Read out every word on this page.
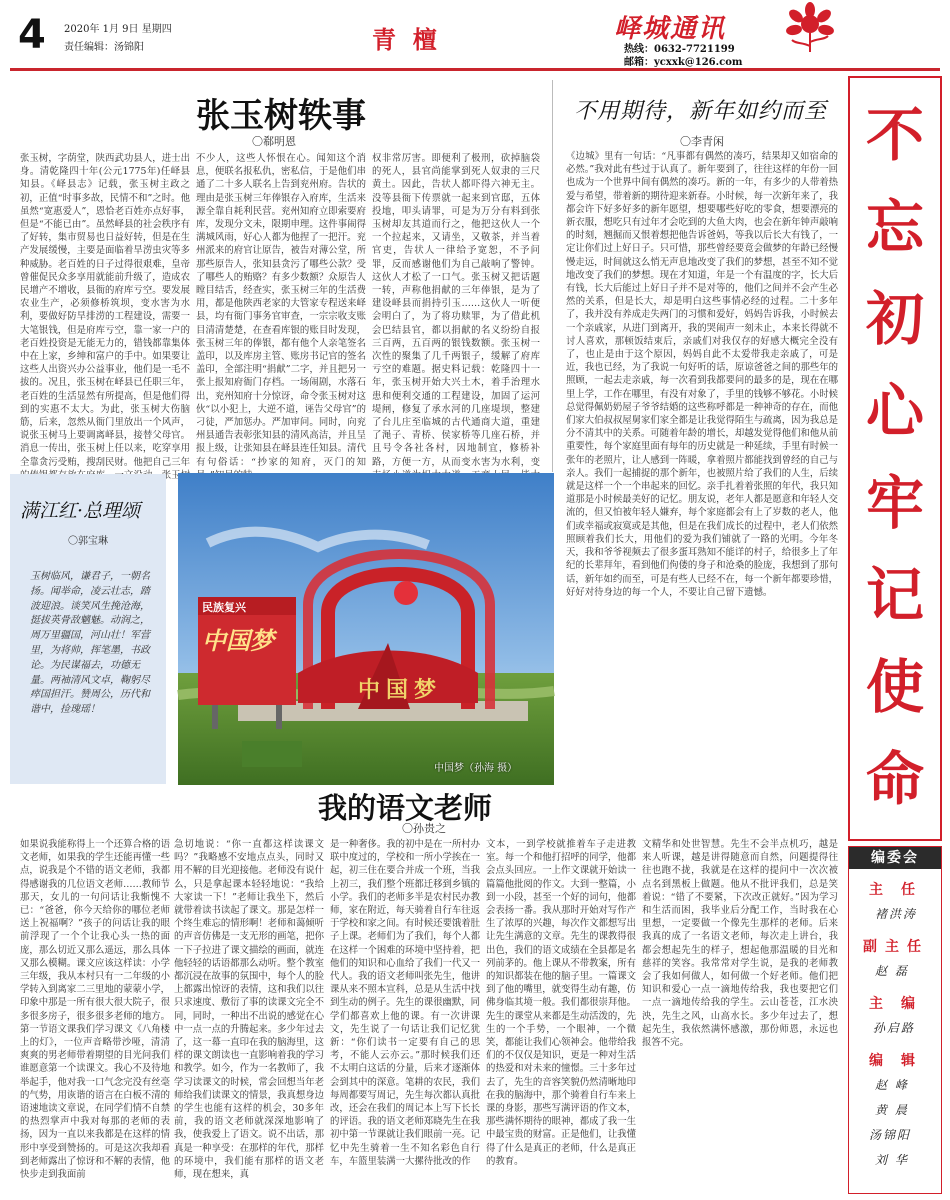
4 2020年 1月 9日 星期四
责任编辑：汤锦阳	青  檀	峄城通讯
热线：0632-7721199
邮箱：ycxxk@126.com
不
忘
初
心
牢
记
使
命
编委会
主任
褚洪涛
副主任
赵 磊
主编
孙启路
编辑
赵 峰
黄 晨
汤锦阳
刘 华
张玉树轶事
〇郗明恩
张玉树，字荫堂，陕西武功县人，进士出身。清乾隆四十年(公元1775年)任峄县知县。《峄县志》记载，张玉树主政之初，正值“时事多故，民情不和”之时。他虽然“宽惠爱人”，恩恰老百姓亦点好事，但是“不能已由”。虽然峄县的社会秩序有了好转，集市贸易也日益好转，但是在生产发展缓慢，主要是面临着旱涝虫灾等多种威胁。老百姓的日子过得很艰难，皇帝曾催促民众多享用就能前升级了，造成农民增产不增收，县衙的府库亏空。要发展农业生产，必须修桥筑坝，变水害为水利，要做好防旱排涝的工程建设，需要一大笔银钱，但是府库亏空，靠一家一户的老百姓投资是无能无力的，错钱都靠集体中在上家，乡绅和富户的手中。如果要让这些人出资兴办公益事业，他们是一毛不拔的。况且，张玉树在峄县已任职三年，老百姓的生活显然有所提高，但是他们得到的实惠不太大。为此，张玉树大伤脑筋，后来，忽然从衙门里放出一个风声，说张玉树马上要调离峄县，接替父母官。消息一传出，张玉树上任以来，吃穿享用全靠贪污受贿，搜刮民财。他把自己三年 。张玉树
不少人，这些人怀恨在心。闻知这个消息，便联名报私仇，密私信，于是他们串通了二十多人联名上告到兖州府。告状的理由是张玉树三年俸银存入府库，生活来源全靠自耗利民营。兖州知府立即索要府库，发现分文未，限期申理。这件事闹得满城风雨，好心人都为他捏了一把汗。兖州派来的府官让原告，被告对薄公堂，所那些原告人，张知县贪污了哪些公款？受了哪些人的贿赂？有多少数额？众原告人瞠目结舌，经查实，张玉树三年的生活费用，都是他陕西老家的大管家专程送来峄县，均有衙门事务官审查，一宗宗收支账目清清楚楚，在查看库银的账目时发现，张玉树三年的俸银，都有他个人亲笔签名盖印，以及库房主管、账房书记官的签名盖印，全部注明“捐献”二字，并且把另一张上报知府衙门存档。一场闹剧，水落石出，兖州知府十分惊讶，命令张玉树对这伙“以小犯上，大逆不道，诬告父母官”的刁徒，严加惩办。严加审问。同时，向兖州县通告表彰张知县的清风高洁，并且呈报上级，让张知县在峄县连任知县。清代有句俗话：“抄家的知府，灭门的知
权非常厉害。即便利了极刑，砍掉脑袋的死人，县官尚能掌到死人奴隶的三尺黄土。因此，告状人都吓得六神无主。没等县衙下传票就一起来到官邸，五体投地，叩头请罪，可是为万分有料到张玉树却友其道而行之，他把这伙人一个一个拉起来，又请坐，又敬茶，并当着官吏，告状人一律给予宽恕，不予问罪，反而感谢他们为自己敲响了警钟。这伙人才松了一口气。张玉树又把话题一转，声称他捐献的三年俸银，是为了建设峄县而捐持引玉……这伙人一听便会明白了，为了将功赎罪，为了借此机会巴结县官，都以捐献的名义纷纷自报三百两，五百两的银钱数额。张玉树一次性的聚集了几千两银子，缓解了府库亏空的难题。据史料记载：乾隆四十一年，张玉树开始大兴土木，着手治理水患和便利交通的工程建设，加固了运河堤闸，修复了承水河的几座堤坝，整建了台儿庄至临城的古代通商大道，重建了渑子、青桥、侯家桥等几座石桥，并且号令各社各村，因地制宜，修桥补路，方便一方，从而变水害为水利，变
不用期待，新年如约而至
〇李青闲
《边城》里有一句话：“凡事都有偶然的凑巧，结果却又如宿命的必然。”我对此有些过于认真了。新年要到了，往往这样的年份一回也成为一个世界中间有偶然的凑巧。新的一年，有多少的人带着热爱与希望，带着新的期待迎来新春。小时候，每一次新年来了，我都会许下好多好多的新年愿望，想要哪些好吃的零食，想要漂亮的新衣服，想吃只有过年才会吃到的大鱼大肉，也会在新年钟声敲响的时刻，翘掘而又恨着想把他告诉爸妈，等我以后长大有钱了，一定让你们过上好日子。只可惜，那些曾经要竟会做梦的年龄已经慢慢走远，时间就这么悄无声息地改变了我们的梦想，甚至不知不觉地改变了我们的梦想。现在才知道，年是一个有温度的字，长大后有钱，长大后能过上好日子并不是对等的，他们之间并不会产生必然的关系，但是长大，却是明白这些事情必经的过程。二十多年了，我并没有养成走失两门的习惯和爱好，妈妈告诉我，小时候去一个亲戚家，从进门到离开，我的哭闹声一刻未止，本来长得就不讨人喜欢，那顿饭结束后，亲戚们对我仅存的好感大概完全没有了，也止是由于这个原因，妈妈自此不太爱带我走亲戚了，可是近，我也已经，为了我说一句好听的话，原谅爸爸之间的那些年的照顾，一起去走亲戚，每一次看到我都要问的最多的是，现在在哪里上学，工作在哪里，有没有对象了，手里的钱够不够花。小时候总觉得佩奶奶屋子爷爷结婚的这些称呼都是一种神奇的存在，而他们家大伯叔叔屋舅家们家全都是让我觉得陌生与疏离，因为我总是分不清其中的关系。可随着年龄的增长，却越发觉得他们和他从前重要性，每个家庭里面有每年的历史就是一种延续，手里有时候一张年的老照片，让人感到一阵暖，拿着照片都能找到曾经的自己与亲人。我们一起捕捉的那个新年，也被照片给了我们的人生，后续就是这样一个一个串起来的回忆。亲手扎着着张照的年代，我只知道那是小时候最美好的记忆。朋友说，老年人都是愿意和年轻人交流的，但又怕被年轻人嫌弃，每个家庭都会有上了岁数的老人，他们或幸福或寂寞或是其他，但是在我们成长的过程中，老人们依然照顾着我们长大，用他们的爱为我们铺就了一路的光明。今年冬天，我和爷爷视频去了很多蛋耳熟知不能详的村子，给很多上了年纪的长辈拜年，看到他们佝偻的身子和沧桑的脸庞，我想到了那句话，新年如约而至，可是有些人已经不在，每一个新年都要珍惜，好好对待身边的每一个人，不要让自己留下遗憾。
满江红·总理颂
〇郭宝琳
玉树临风，谦君子，一朝名扬。闻举命，凌云壮志，踏波迎浪。谈笑风生挽沧海，挺拔英骨敌魑魅。动润之，周万里疆国，河山壮！军营里，为将帅，挥笔墨，书政论。为民谋福去，功德无量。两袖清风文卓，鞠躬尽瘁国担汗。赞周公，历代和谐中，捡瑰瑶！
民族复兴
中国梦
中国梦
中国梦（孙海 摄）
我的语文老师
〇孙贵之
如果说我能称得上一个还算合格的语文老师，如果我的学生还能再懂一些点，说我是个不错的语文老师，我都得感谢我的几位语文老师……教师节那天，女儿的一句问话让我惭愧不已：“爸爸，你今天给你的哪位老师送上祝福啊？”孩子的问话让我的眼前浮现了一个个让我心头一热的面庞，那么切近又那么遥远，那么具体又那么模糊。课文应该这样读：小学三年级，我从本村只有一二年级的小学转入到离家二三里地的蒙蒙小学，印象中那是一所有很大很大院子，很多很多房子，很多很多老师的地方。第一节语文课我们学习课文《八角楼上的灯》，一位声音略带沙哑，清清爽爽的男老师带着期望的目光问我们谁愿意第一个读课文。我心不及待地举起手，他对我一口气念完没有丝毫的气势，用诙谐的语言在白板不清的语速地读文章说，在同学们情不自禁的热烈掌声中我对每那的老师的表扬，因为一直以来我都是在这样的情形中享受到赞扬的。可是这次我却看到老师露出了惊讶和不解的表情，他快步走到我面前
急切地说：“你一直都这样读课文吗？”我略感不安地点点头，同时又用不解的目光迎接他。老师没有说什么，只是拿起课本轻轻地说：“我给大家读一下！”老师让我坐下，然后就带着读书读起了课文。那是怎样一个终生难忘的情形啊！老师和蔼倾听的声音仿佛是一支无形的画笔，把你一下子拉进了课文描绘的画面，就连他轻轻的话语都那么动听。整个教室都沉浸在故事的氛围中，每个人的脸上都露出惊讶的表情，这和我们以往只求速度、敷衍了事的读课文完全不同，同时，一种出不出说的感觉在心中一点一点的升腾起来。多少年过去了，这一幕一直印在我的脑海里，这样的课文朗读也一直影响着我的学习和教学。如今，作为一名教师了，我学习读课文的时候，常会回想当年老师给我们读课文的情景，我真想身边的学生也能有这样的机会，30多年前，我的语文老师就深深地影响了我，使我爱上了语文。说不出话，那真是一种享受：在那样的年代，那样的环境中，我们能有那样的语文老师，现在想来，真
是一种奢侈。我的初中是在一所村办联中度过的，学校和一所小学挨在一起，初三住在要合并成一个班，当我上初三，我们整个班都迁移到乡镇的小学。我们的老师多半是农村民办教师，家在附近，每天骑着自行车往返于学校和家之间。有时候还要饿着肚子上课。老师们为了我们，每个人都在这样一个困难的环境中坚持着，把他们的知识和心血给了我们一代又一代人。我的语文老师叫张先生，他讲课从来不照本宣科，总是从生活中找到生动的例子。先生的课很幽默，同学们都喜欢上他的课。有一次讲课文，先生说了一句话让我们记忆犹新：“你们读书一定要有自己的思考，不能人云亦云。”那时候我们还不太明白这话的分量，后来才逐渐体会到其中的深意。笔耕的农民，我们每周都要写周记，先生每次都认真批改，还会在我们的周记本上写下长长的评语。我的语文老师郑晓先生在我初中第一节课就让我们眼前一亮。记忆中先生骑着一生不知名彩色自行车，车篮里装满一大摞待批改的作
文本，一到学校就推着车子走进教室。每一个和他打招呼的同学，他都会点头回应。一上作文课就开始读一篇篇他批阅的作文。大到一整篇，小到一小段，甚至一个好的词句，他都会表扬一番。我从那时开始对写作产生了浓厚的兴趣，每次作文都想写出让先生满意的文章。先生的课教得很出色，我们的语文成绩在全县都是名列前茅的。他上课从不带教案，所有的知识都装在他的脑子里。一篇课文到了他的嘴里，就变得生动有趣，仿佛身临其境一般。我们都很崇拜他。先生的课堂从来都是生动活泼的，先生的一个手势，一个眼神，一个微笑，都能让我们心领神会。他带给我们的不仅仅是知识，更是一种对生活的热爱和对未来的憧憬。三十多年过去了，先生的音容笑貌仍然清晰地印在我的脑海中，那个骑着自行车来上课的身影，那些写满评语的作文本，那些满怀期待的眼神，都成了我一生中最宝贵的财富。正是他们，让我懂得了什么是真正的老师，什么是真正的教育。
文精华和处世智慧。先生不会半点机巧，越是来人听课，越是讲得随意而自然，问题提得往往也跑不拢，我就是在这样的提问中一次次被点名到黑板上做题。他从不批评我们，总是笑着说：“错了不要紧，下次改正就好。”因为学习和生活而困，我毕业后分配工作，当时我在心里想，一定要做一个像先生那样的老师。后来我真的成了一名语文老师，每次走上讲台，我都会想起先生的样子，想起他那温暖的目光和慈祥的笑容。我常常对学生说，是我的老师教会了我如何做人，如何做一个好老师。他们把知识和爱心一点一滴地传给我，我也要把它们一点一滴地传给我的学生。云山苍苍，江水泱泱，先生之风，山高水长。多少年过去了，想起先生，我依然满怀感激，那份师恩，永远也报答不完。
